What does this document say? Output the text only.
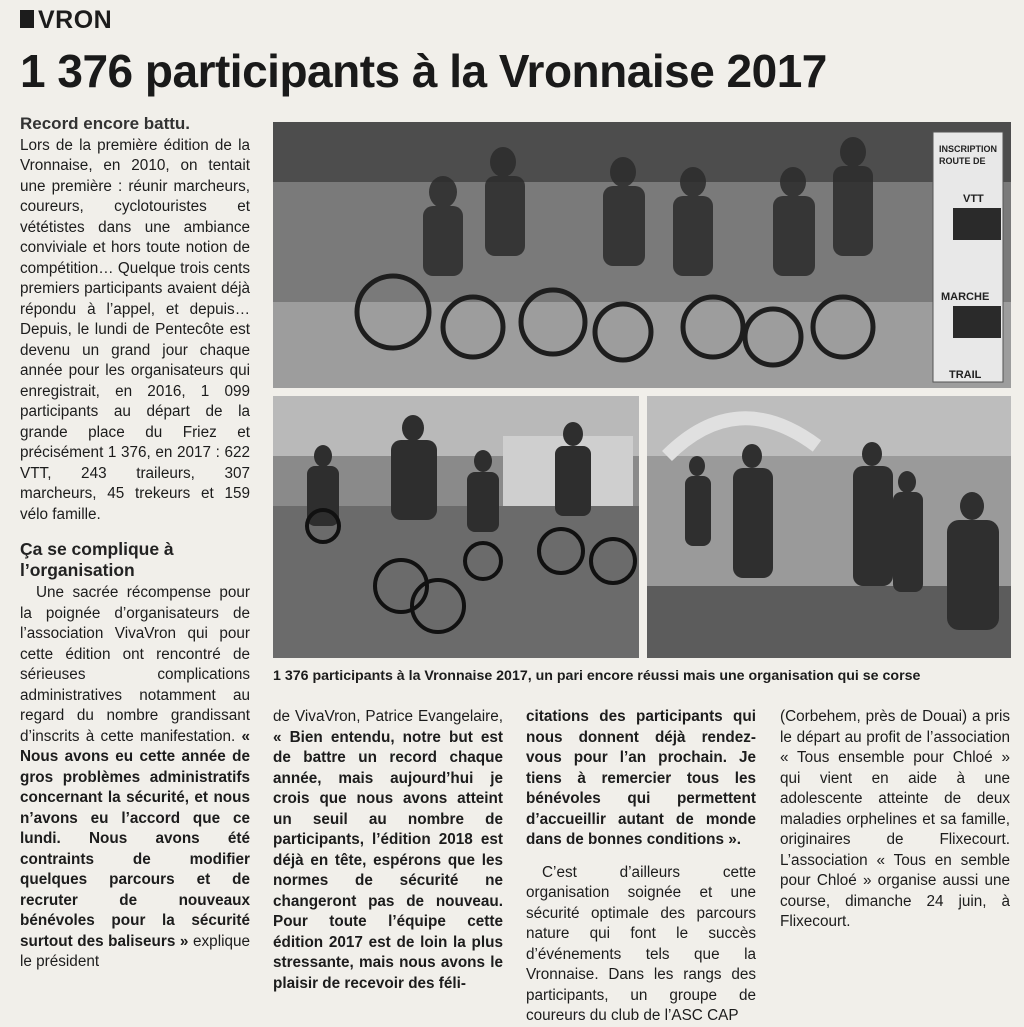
VRON
1 376 participants à la Vronnaise 2017

Record encore battu.
Lors de la première édition de la Vronnaise, en 2010, on tentait une première : réunir marcheurs, coureurs, cyclotouristes et vététistes dans une ambiance conviviale et hors toute notion de compétition… Quelque trois cents premiers participants avaient déjà répondu à l’appel, et depuis… Depuis, le lundi de Pentecôte est devenu un grand jour chaque année pour les organisateurs qui enregistrait, en 2016, 1 099 participants au départ de la grande place du Friez et précisément 1 376, en 2017 : 622 VTT, 243 traileurs, 307 marcheurs, 45 trekeurs et 159 vélo famille.

Ça se complique à l’organisation

Une sacrée récompense pour la poignée d’organisateurs de l’association VivaVron qui pour cette édition ont rencontré de sérieuses complications administratives notamment au regard du nombre grandissant d’inscrits à cette manifestation. « Nous avons eu cette année de gros problèmes administratifs concernant la sécurité, et nous n’avons eu l’accord que ce lundi. Nous avons été contraints de modifier quelques parcours et de recruter de nouveaux bénévoles pour la sécurité surtout des baliseurs » explique le président

INSCRIPTION
ROUTE DE
VTT
MARCHE
TRAIL
1 376 participants à la Vronnaise 2017, un pari encore réussi mais une organisation qui se corse

de VivaVron, Patrice Evangelaire, « Bien entendu, notre but est de battre un record chaque année, mais aujourd’hui je crois que nous avons atteint un seuil au nombre de participants, l’édition 2018 est déjà en tête, espérons que les normes de sécurité ne changeront pas de nouveau. Pour toute l’équipe cette édition 2017 est de loin la plus stressante, mais nous avons le plaisir de recevoir des féli-

citations des participants qui nous donnent déjà rendez-vous pour l’an prochain. Je tiens à remercier tous les bénévoles qui permettent d’accueillir autant de monde dans de bonnes conditions ».

C’est d’ailleurs cette organisation soignée et une sécurité optimale des parcours nature qui font le succès d’événements tels que la Vronnaise. Dans les rangs des participants, un groupe de coureurs du club de l’ASC CAP

(Corbehem, près de Douai) a pris le départ au profit de l’association « Tous ensemble pour Chloé » qui vient en aide à une adolescente atteinte de deux maladies orphelines et sa famille, originaires de Flixecourt. L’association « Tous en semble pour Chloé » organise aussi une course, dimanche 24 juin, à Flixecourt.
